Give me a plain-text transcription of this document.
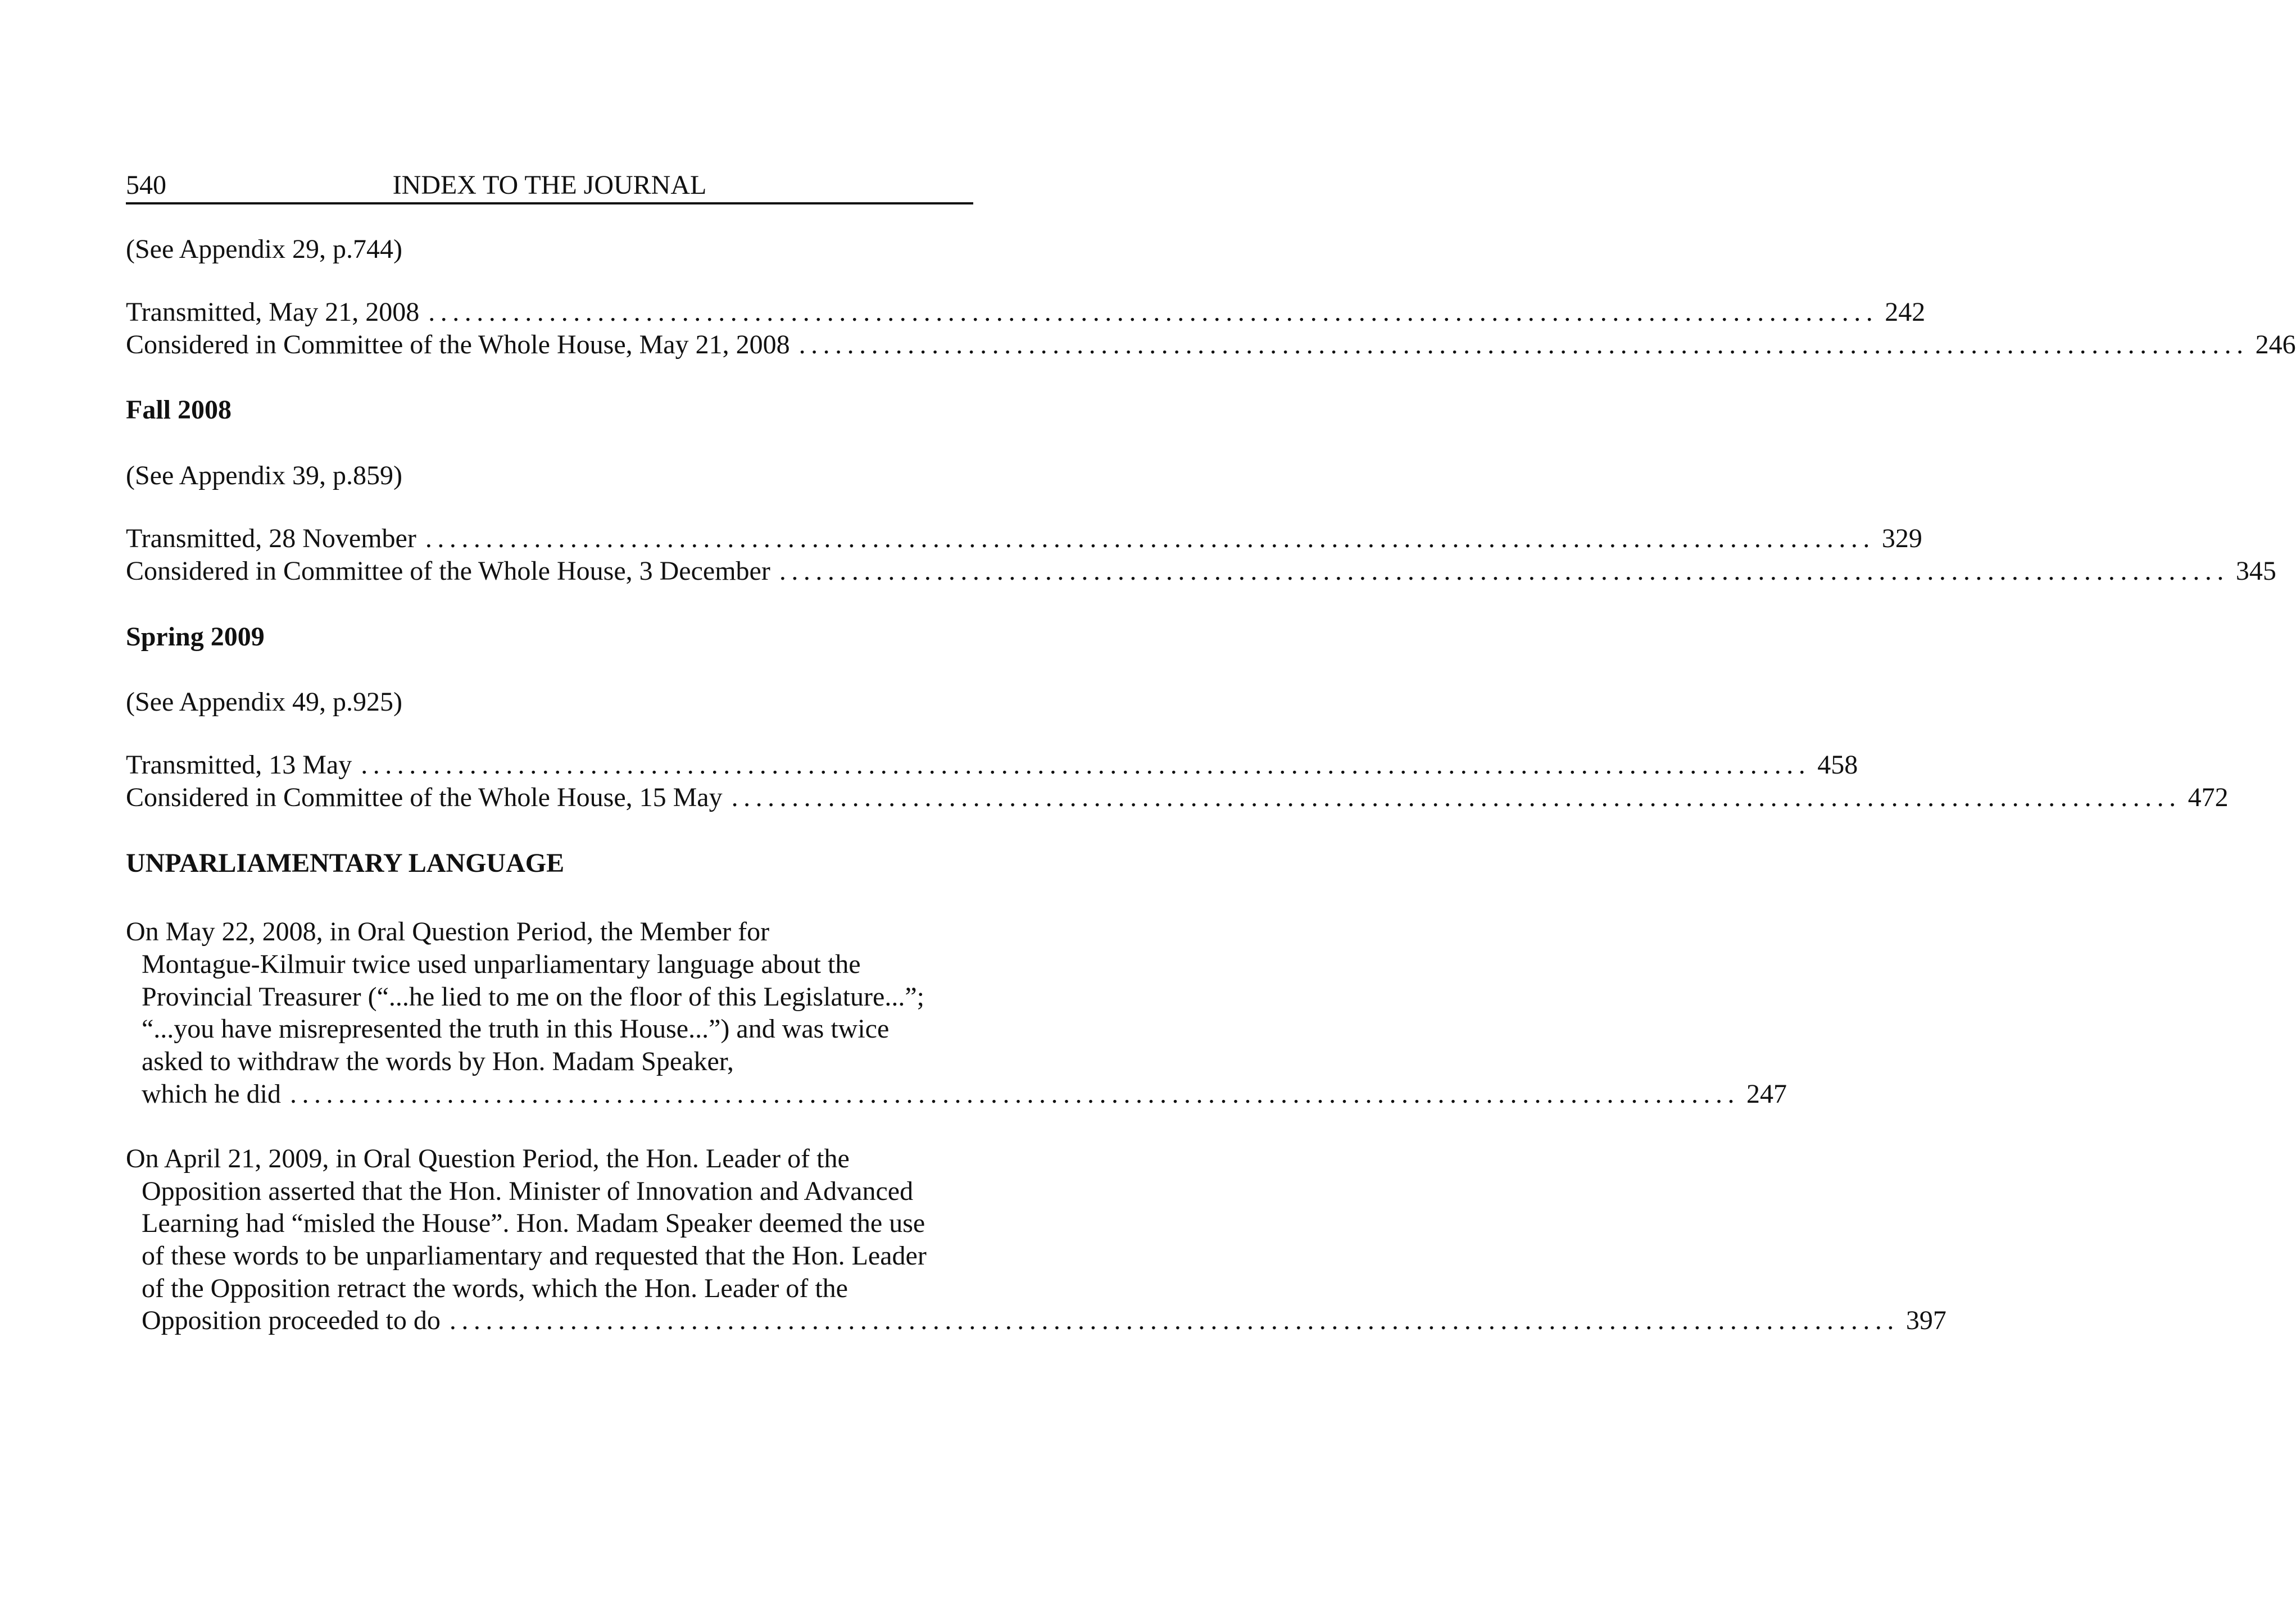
540	INDEX TO THE JOURNAL
(See Appendix 29, p.744)
Transmitted, May 21, 2008 ........................................................................................................................ 242
Considered in Committee of the Whole House, May 21, 2008 ........................................................................................................................ 246
Fall 2008
(See Appendix 39, p.859)
Transmitted, 28 November ........................................................................................................................ 329
Considered in Committee of the Whole House, 3 December ........................................................................................................................ 345
Spring 2009
(See Appendix 49, p.925)
Transmitted, 13 May ........................................................................................................................ 458
Considered in Committee of the Whole House, 15 May ........................................................................................................................ 472
UNPARLIAMENTARY LANGUAGE
On May 22, 2008, in Oral Question Period, the Member for
Montague-Kilmuir twice used unparliamentary language about the
Provincial Treasurer (“...he lied to me on the floor of this Legislature...”;
“...you have misrepresented the truth in this House...”) and was twice
asked to withdraw the words by Hon. Madam Speaker,
which he did ........................................................................................................................ 247
On April 21, 2009, in Oral Question Period, the Hon. Leader of the
Opposition asserted that the Hon. Minister of Innovation and Advanced
Learning had “misled the House”. Hon. Madam Speaker deemed the use
of these words to be unparliamentary and requested that the Hon. Leader
of the Opposition retract the words, which the Hon. Leader of the
Opposition proceeded to do ........................................................................................................................ 397
